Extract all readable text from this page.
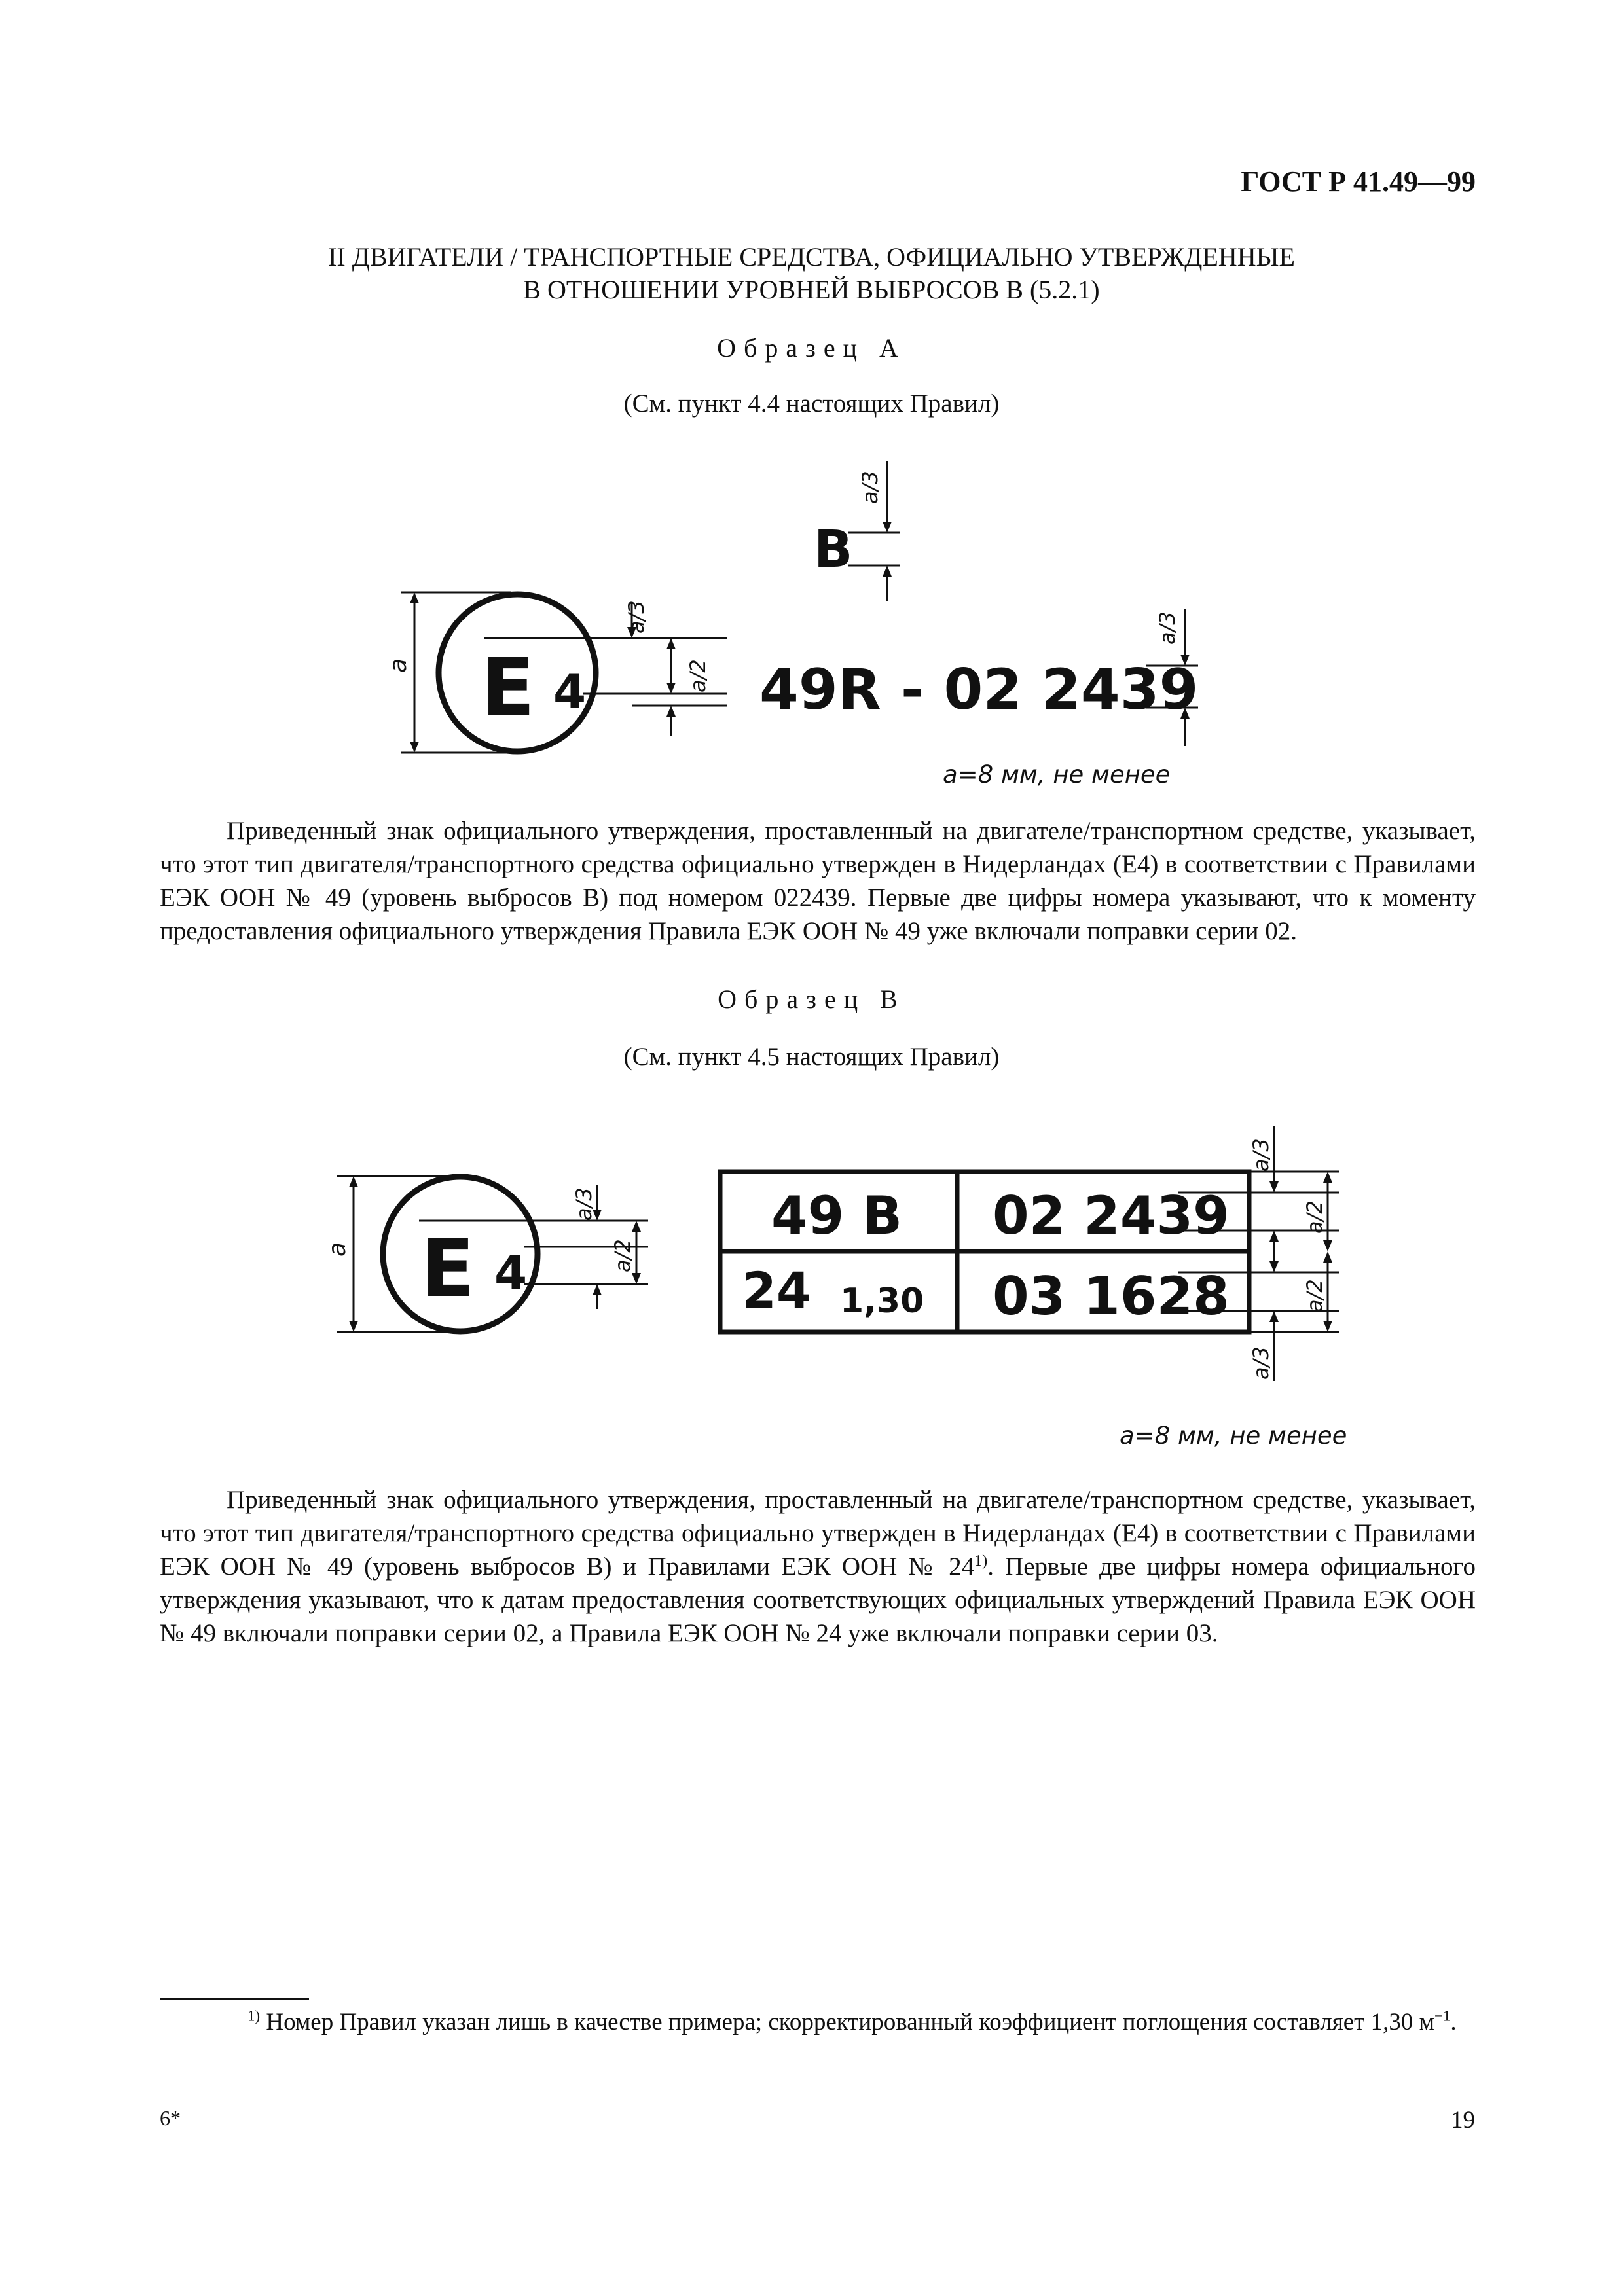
ГОСТ Р 41.49—99
II ДВИГАТЕЛИ / ТРАНСПОРТНЫЕ СРЕДСТВА, ОФИЦИАЛЬНО УТВЕРЖДЕННЫЕ
В ОТНОШЕНИИ УРОВНЕЙ ВЫБРОСОВ В (5.2.1)
Образец А
(См. пункт 4.4 настоящих Правил)
E 4
B
49R - 02 2439
a
a/3
a/2
a/3
a/3
a=8 мм, не менее

Приведенный знак официального утверждения, проставленный на двигателе/транспортном средстве, указывает, что этот тип двигателя/транспортного средства официально утвержден в Нидерландах (Е4) в соответствии с Правилами ЕЭК ООН № 49 (уровень выбросов В) под номером 022439. Первые две цифры номера указывают, что к моменту предоставления официального утверждения Правила ЕЭК ООН № 49 уже включали поправки серии 02.

Образец В
(См. пункт 4.5 настоящих Правил)
E 4
49 B 02 2439
24 1,30 03 1628
a
a/3
a/2
a/3
a/2
a/2
a/3
a=8 мм, не менее

Приведенный знак официального утверждения, проставленный на двигателе/транспортном средстве, указывает, что этот тип двигателя/транспортного средства официально утвержден в Нидерландах (Е4) в соответствии с Правилами ЕЭК ООН № 49 (уровень выбросов В) и Правилами ЕЭК ООН № 24$^{1)}$. Первые две цифры номера официального утверждения указывают, что к датам предоставления соответствующих официальных утверждений Правила ЕЭК ООН № 49 включали поправки серии 02, а Правила ЕЭК ООН № 24 уже включали поправки серии 03.

$^{1)}$ Номер Правил указан лишь в качестве примера; скорректированный коэффициент поглощения составляет 1,30 $м^{-1}$.
6*	19
